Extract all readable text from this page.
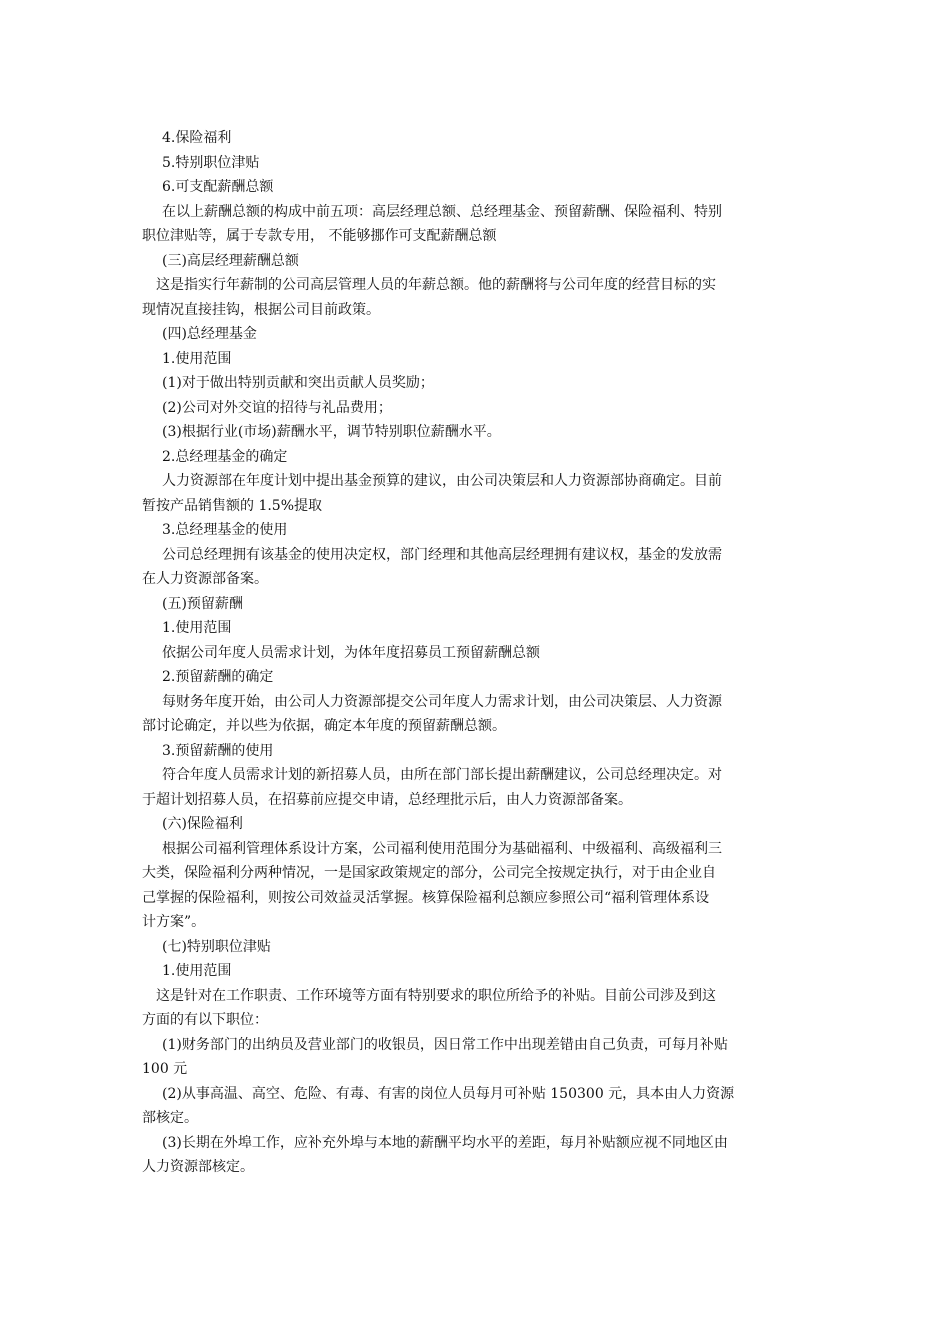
4.保险福利
5.特别职位津贴
6.可支配薪酬总额
在以上薪酬总额的构成中前五项：高层经理总额、总经理基金、预留薪酬、保险福利、特别
职位津贴等，属于专款专用， 不能够挪作可支配薪酬总额
(三)高层经理薪酬总额
这是指实行年薪制的公司高层管理人员的年薪总额。他的薪酬将与公司年度的经营目标的实
现情况直接挂钩，根据公司目前政策。
(四)总经理基金
1.使用范围
(1)对于做出特别贡献和突出贡献人员奖励；
(2)公司对外交谊的招待与礼品费用；
(3)根据行业(市场)薪酬水平，调节特别职位薪酬水平。
2.总经理基金的确定
人力资源部在年度计划中提出基金预算的建议，由公司决策层和人力资源部协商确定。目前
暂按产品销售额的 1.5%提取
3.总经理基金的使用
公司总经理拥有该基金的使用决定权，部门经理和其他高层经理拥有建议权，基金的发放需
在人力资源部备案。
(五)预留薪酬
1.使用范围
依据公司年度人员需求计划，为体年度招募员工预留薪酬总额
2.预留薪酬的确定
每财务年度开始，由公司人力资源部提交公司年度人力需求计划，由公司决策层、人力资源
部讨论确定，并以些为依据，确定本年度的预留薪酬总额。
3.预留薪酬的使用
符合年度人员需求计划的新招募人员，由所在部门部长提出薪酬建议，公司总经理决定。对
于超计划招募人员，在招募前应提交申请，总经理批示后，由人力资源部备案。
(六)保险福利
根据公司福利管理体系设计方案，公司福利使用范围分为基础福利、中级福利、高级福利三
大类，保险福利分两种情况，一是国家政策规定的部分，公司完全按规定执行，对于由企业自
己掌握的保险福利，则按公司效益灵活掌握。核算保险福利总额应参照公司“福利管理体系设
计方案”。
(七)特别职位津贴
1.使用范围
这是针对在工作职责、工作环境等方面有特别要求的职位所给予的补贴。目前公司涉及到这
方面的有以下职位：
(1)财务部门的出纳员及营业部门的收银员，因日常工作中出现差错由自己负责，可每月补贴
100 元
(2)从事高温、高空、危险、有毒、有害的岗位人员每月可补贴 150300 元，具本由人力资源
部核定。
(3)长期在外埠工作，应补充外埠与本地的薪酬平均水平的差距，每月补贴额应视不同地区由
人力资源部核定。
